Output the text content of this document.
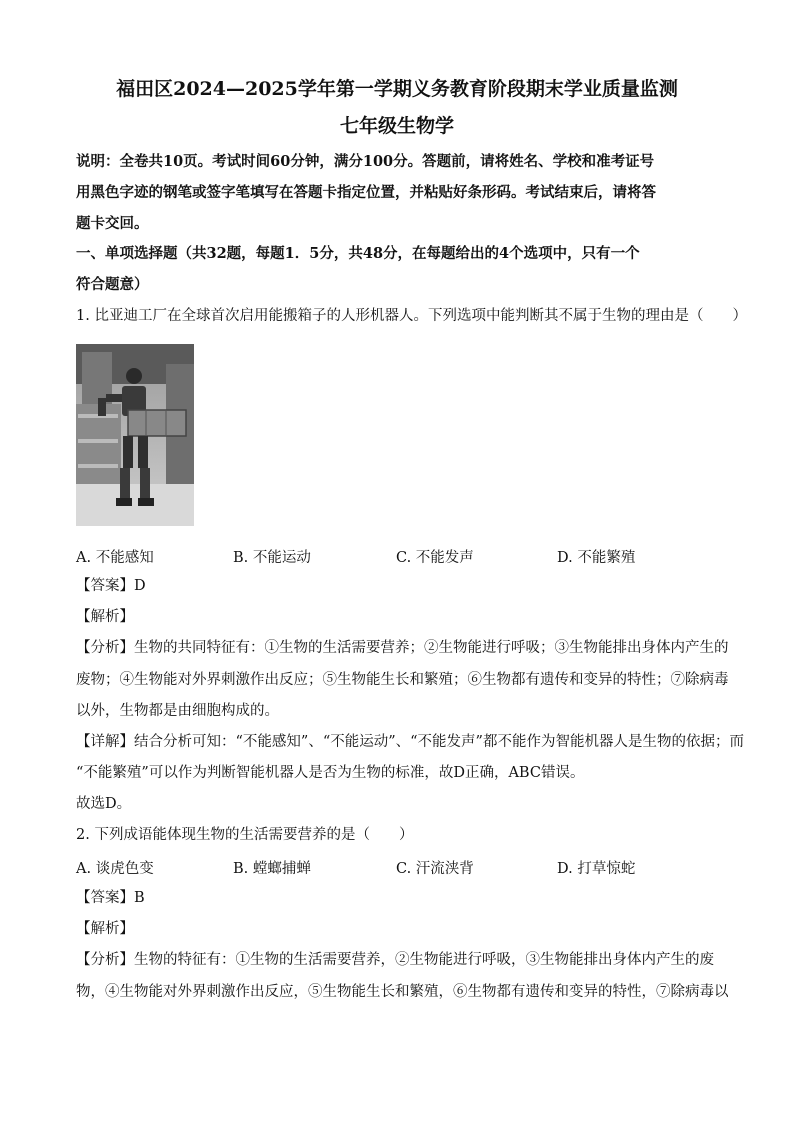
福田区2024—2025学年第一学期义务教育阶段期末学业质量监测
七年级生物学
说明：全卷共10页。考试时间60分钟，满分100分。答题前，请将姓名、学校和准考证号
用黑色字迹的钢笔或签字笔填写在答题卡指定位置，并粘贴好条形码。考试结束后，请将答
题卡交回。
一、单项选择题（共32题，每题1．5分，共48分，在每题给出的4个选项中，只有一个
符合题意）
1. 比亚迪工厂在全球首次启用能搬箱子的人形机器人。下列选项中能判断其不属于生物的理由是（　　）
A. 不能感知	B. 不能运动	C. 不能发声	D. 不能繁殖
【答案】D
【解析】
【分析】生物的共同特征有：①生物的生活需要营养；②生物能进行呼吸；③生物能排出身体内产生的
废物；④生物能对外界刺激作出反应；⑤生物能生长和繁殖；⑥生物都有遗传和变异的特性；⑦除病毒
以外，生物都是由细胞构成的。
【详解】结合分析可知：“不能感知”、“不能运动”、“不能发声”都不能作为智能机器人是生物的依据；而
“不能繁殖”可以作为判断智能机器人是否为生物的标准，故D正确，ABC错误。
故选D。
2. 下列成语能体现生物的生活需要营养的是（　　）
A. 谈虎色变	B. 螳螂捕蝉	C. 汗流浃背	D. 打草惊蛇
【答案】B
【解析】
【分析】生物的特征有：①生物的生活需要营养，②生物能进行呼吸，③生物能排出身体内产生的废
物，④生物能对外界刺激作出反应，⑤生物能生长和繁殖，⑥生物都有遗传和变异的特性，⑦除病毒以
